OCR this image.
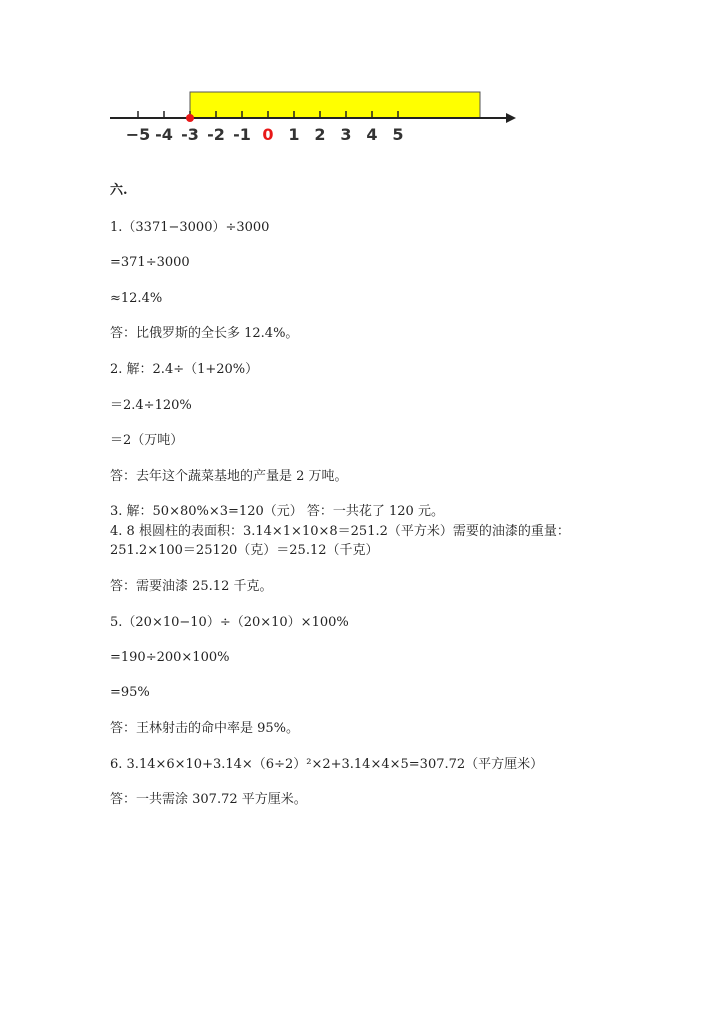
−5 -4 -3 -2 -1 0 1 2 3 4 5
六.
1.（3371−3000）÷3000
=371÷3000
≈12.4%
答：比俄罗斯的全长多 12.4%。
2. 解：2.4÷（1+20%）
＝2.4÷120%
＝2（万吨）
答：去年这个蔬菜基地的产量是 2 万吨。
3. 解：50×80%×3=120（元） 答：一共花了 120 元。
4. 8 根圆柱的表面积：3.14×1×10×8＝251.2（平方米）需要的油漆的重量：
251.2×100＝25120（克）＝25.12（千克）
答：需要油漆 25.12 千克。
5.（20×10−10）÷（20×10）×100%
=190÷200×100%
=95%
答：王林射击的命中率是 95%。
6. 3.14×6×10+3.14×（6÷2）²×2+3.14×4×5=307.72（平方厘米）
答：一共需涂 307.72 平方厘米。
